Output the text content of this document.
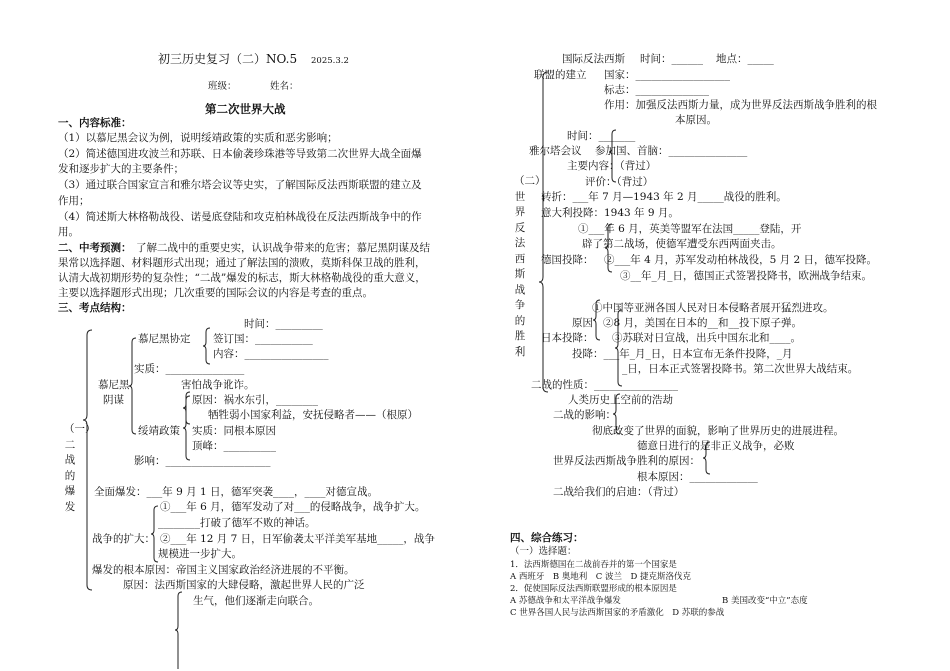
初三历史复习（二）NO.5 2025.3.2
班级：	姓名：
第二次世界大战
一、内容标准：
（1）以慕尼黑会议为例，说明绥靖政策的实质和恶劣影响；
（2）简述德国进攻波兰和苏联、日本偷袭珍珠港等导致第二次世界大战全面爆
发和逐步扩大的主要条件；
（3）通过联合国家宣言和雅尔塔会议等史实，了解国际反法西斯联盟的建立及
作用；
（4）简述斯大林格勒战役、诺曼底登陆和攻克柏林战役在反法西斯战争中的作
用。
二、中考预测： 了解二战中的重要史实，认识战争带来的危害；慕尼黑阴谋及结
果常以选择题、材料题形式出现；通过了解法国的溃败，莫斯科保卫战的胜利，
认清大战初期形势的复杂性；“二战”爆发的标志，斯大林格勒战役的重大意义，
主要以选择题形式出现；几次重要的国际会议的内容是考查的重点。
三、考点结构：
时间：_________
慕尼黑协定 签订国：___________
内容：________________
实质：_______________
慕尼黑
阴谋
害怕战争讹诈。
原因：祸水东引，________
牺牲弱小国家利益，安抚侵略者——（根原）
绥靖政策 实质：同根本原因
顶峰：__________
影响：____________________
（一）二战的爆发
全面爆发：___年 9 月 1 日，德军突袭____，____对德宣战。
①___年 6 月，德军发动了对___的侵略战争，战争扩大。
________打破了德军不败的神话。
战争的扩大： ②___年 12 月 7 日，日军偷袭太平洋美军基地_____，战争
规模进一步扩大。
爆发的根本原因：帝国主义国家政治经济进展的不平衡。
原因：法西斯国家的大肆侵略，激起世界人民的广泛
生气，他们逐渐走向联合。
国际反法西斯 时间：______ 地点：_____
联盟的建立 国家：__________________
标志：______________
作用：加强反法西斯力量，成为世界反法西斯战争胜利的根
本原因。
时间：_______
雅尔塔会议 参加国、首脑：_______________
主要内容：（背过）
评价：（背过）
（二）世界反法西斯战争的胜利
转折：___年 7 月—1943 年 2 月_____战役的胜利。
意大利投降：1943 年 9 月。
①___年 6 月，英美等盟军在法国_____登陆，开
辟了第二战场，使德军遭受东西两面夹击。
德国投降： ②___年 4 月，苏军发动柏林战役，5 月 2 日，德军投降。
③__年_月_日，德国正式签署投降书，欧洲战争结束。
①中国等亚洲各国人民对日本侵略者展开猛烈进攻。
原因 ②8 月，美国在日本的__和__投下原子弹。
日本投降： ③苏联对日宣战，出兵中国东北和____。
投降：___年_月_日，日本宣布无条件投降，_月
_日，日本正式签署投降书。第二次世界大战结束。
二战的性质：________________
人类历史上空前的浩劫
二战的影响：
彻底改变了世界的面貌，影响了世界历史的进展进程。
德意日进行的是非正义战争，必败
世界反法西斯战争胜利的原因：
根本原因：_____________
二战给我们的启迪：（背过）
四、综合练习：
（一）选择题：
1．法西斯德国在二战前吞并的第一个国家是
A 西班牙　B 奥地利　C 波兰　D 捷克斯洛伐克
2．促使国际反法西斯联盟形成的根本原因是
A 苏德战争和太平洋战争爆发	B 美国改变“中立”态度
C 世界各国人民与法西斯国家的矛盾激化　D 苏联的参战
